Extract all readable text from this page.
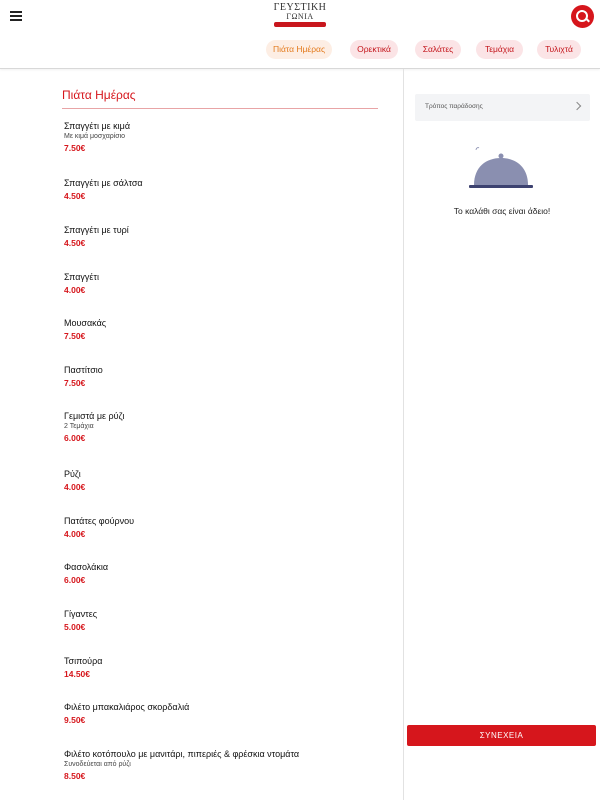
ΓΕΥΣΤΙΚΗ
ΓΩΝΙΑ
Πιάτα Ημέρας	Ορεκτικά	Σαλάτες	Τεμάχια	Τυλιχτά
Πιάτα Ημέρας
Σπαγγέτι με κιμά
Με κιμά μοσχαρίσιο
7.50€
Σπαγγέτι με σάλτσα
4.50€
Σπαγγέτι με τυρί
4.50€
Σπαγγέτι
4.00€
Μουσακάς
7.50€
Παστίτσιο
7.50€
Γεμιστά με ρύζι
2 Τεμάχια
6.00€
Ρύζι
4.00€
Πατάτες φούρνου
4.00€
Φασολάκια
6.00€
Γίγαντες
5.00€
Τσιπούρα
14.50€
Φιλέτο μπακαλιάρος σκορδαλιά
9.50€
Φιλέτο κοτόπουλο με μανιτάρι, πιπεριές & φρέσκια ντομάτα
Συνοδεύεται από ρύζι
8.50€
Τρόπος παράδοσης
Το καλάθι σας είναι άδειο!
ΣΥΝΕΧΕΙΑ
